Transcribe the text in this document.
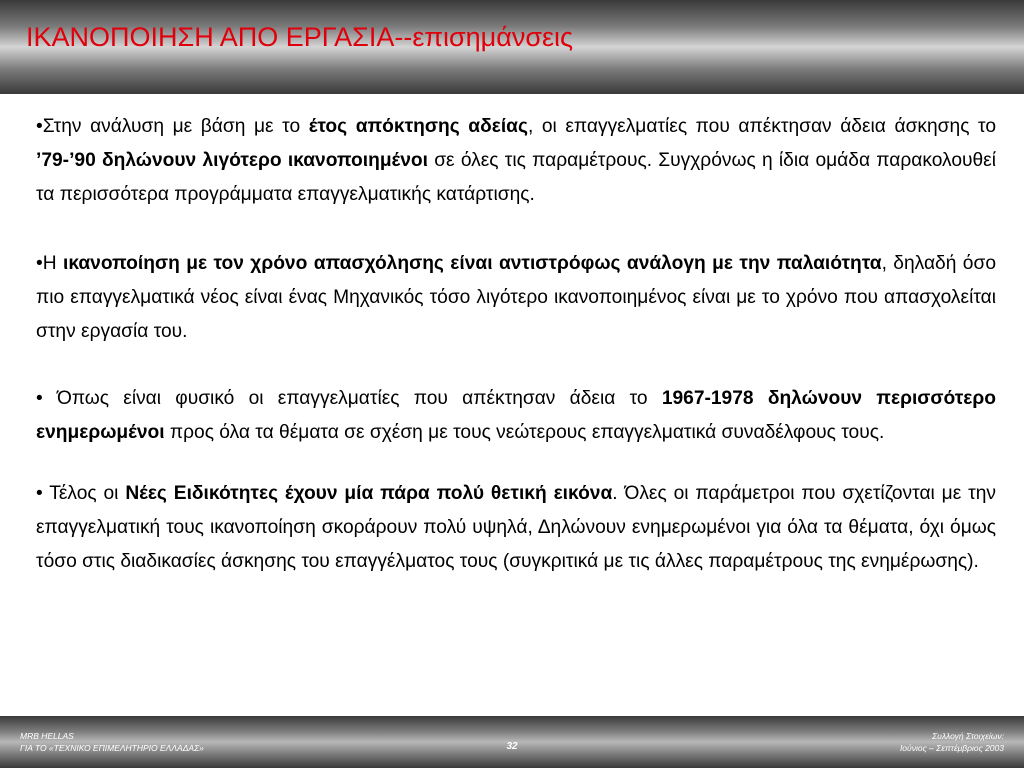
ΙΚΑΝΟΠΟΙΗΣΗ ΑΠΟ ΕΡΓΑΣΙΑ--επισημάνσεις

•Στην ανάλυση με βάση με το έτος απόκτησης αδείας, οι επαγγελματίες που απέκτησαν άδεια άσκησης το ’79-’90 δηλώνουν λιγότερο ικανοποιημένοι σε όλες τις παραμέτρους. Συγχρόνως η ίδια ομάδα παρακολουθεί τα περισσότερα προγράμματα επαγγελματικής κατάρτισης.

•Η ικανοποίηση με τον χρόνο απασχόλησης είναι αντιστρόφως ανάλογη με την παλαιότητα, δηλαδή όσο πιο επαγγελματικά νέος είναι ένας Μηχανικός τόσο λιγότερο ικανοποιημένος είναι με το χρόνο που απασχολείται στην εργασία του.

• Όπως είναι φυσικό οι επαγγελματίες που απέκτησαν άδεια το 1967-1978 δηλώνουν περισσότερο ενημερωμένοι προς όλα τα θέματα σε σχέση με τους νεώτερους επαγγελματικά συναδέλφους τους.

• Τέλος οι Νέες Ειδικότητες έχουν μία πάρα πολύ θετική εικόνα. Όλες οι παράμετροι που σχετίζονται με την επαγγελματική τους ικανοποίηση σκοράρουν πολύ υψηλά, Δηλώνουν ενημερωμένοι για όλα τα θέματα, όχι όμως τόσο στις διαδικασίες άσκησης του επαγγέλματος τους (συγκριτικά με τις άλλες παραμέτρους της ενημέρωσης).

MRB HELLAS
ΓΙΑ ΤΟ «ΤΕΧΝΙΚΟ ΕΠΙΜΕΛΗΤΗΡΙΟ ΕΛΛΑΔΑΣ»	32
Συλλογή Στοιχείων:
Ιούνιος – Σεπτέμβριος 2003
